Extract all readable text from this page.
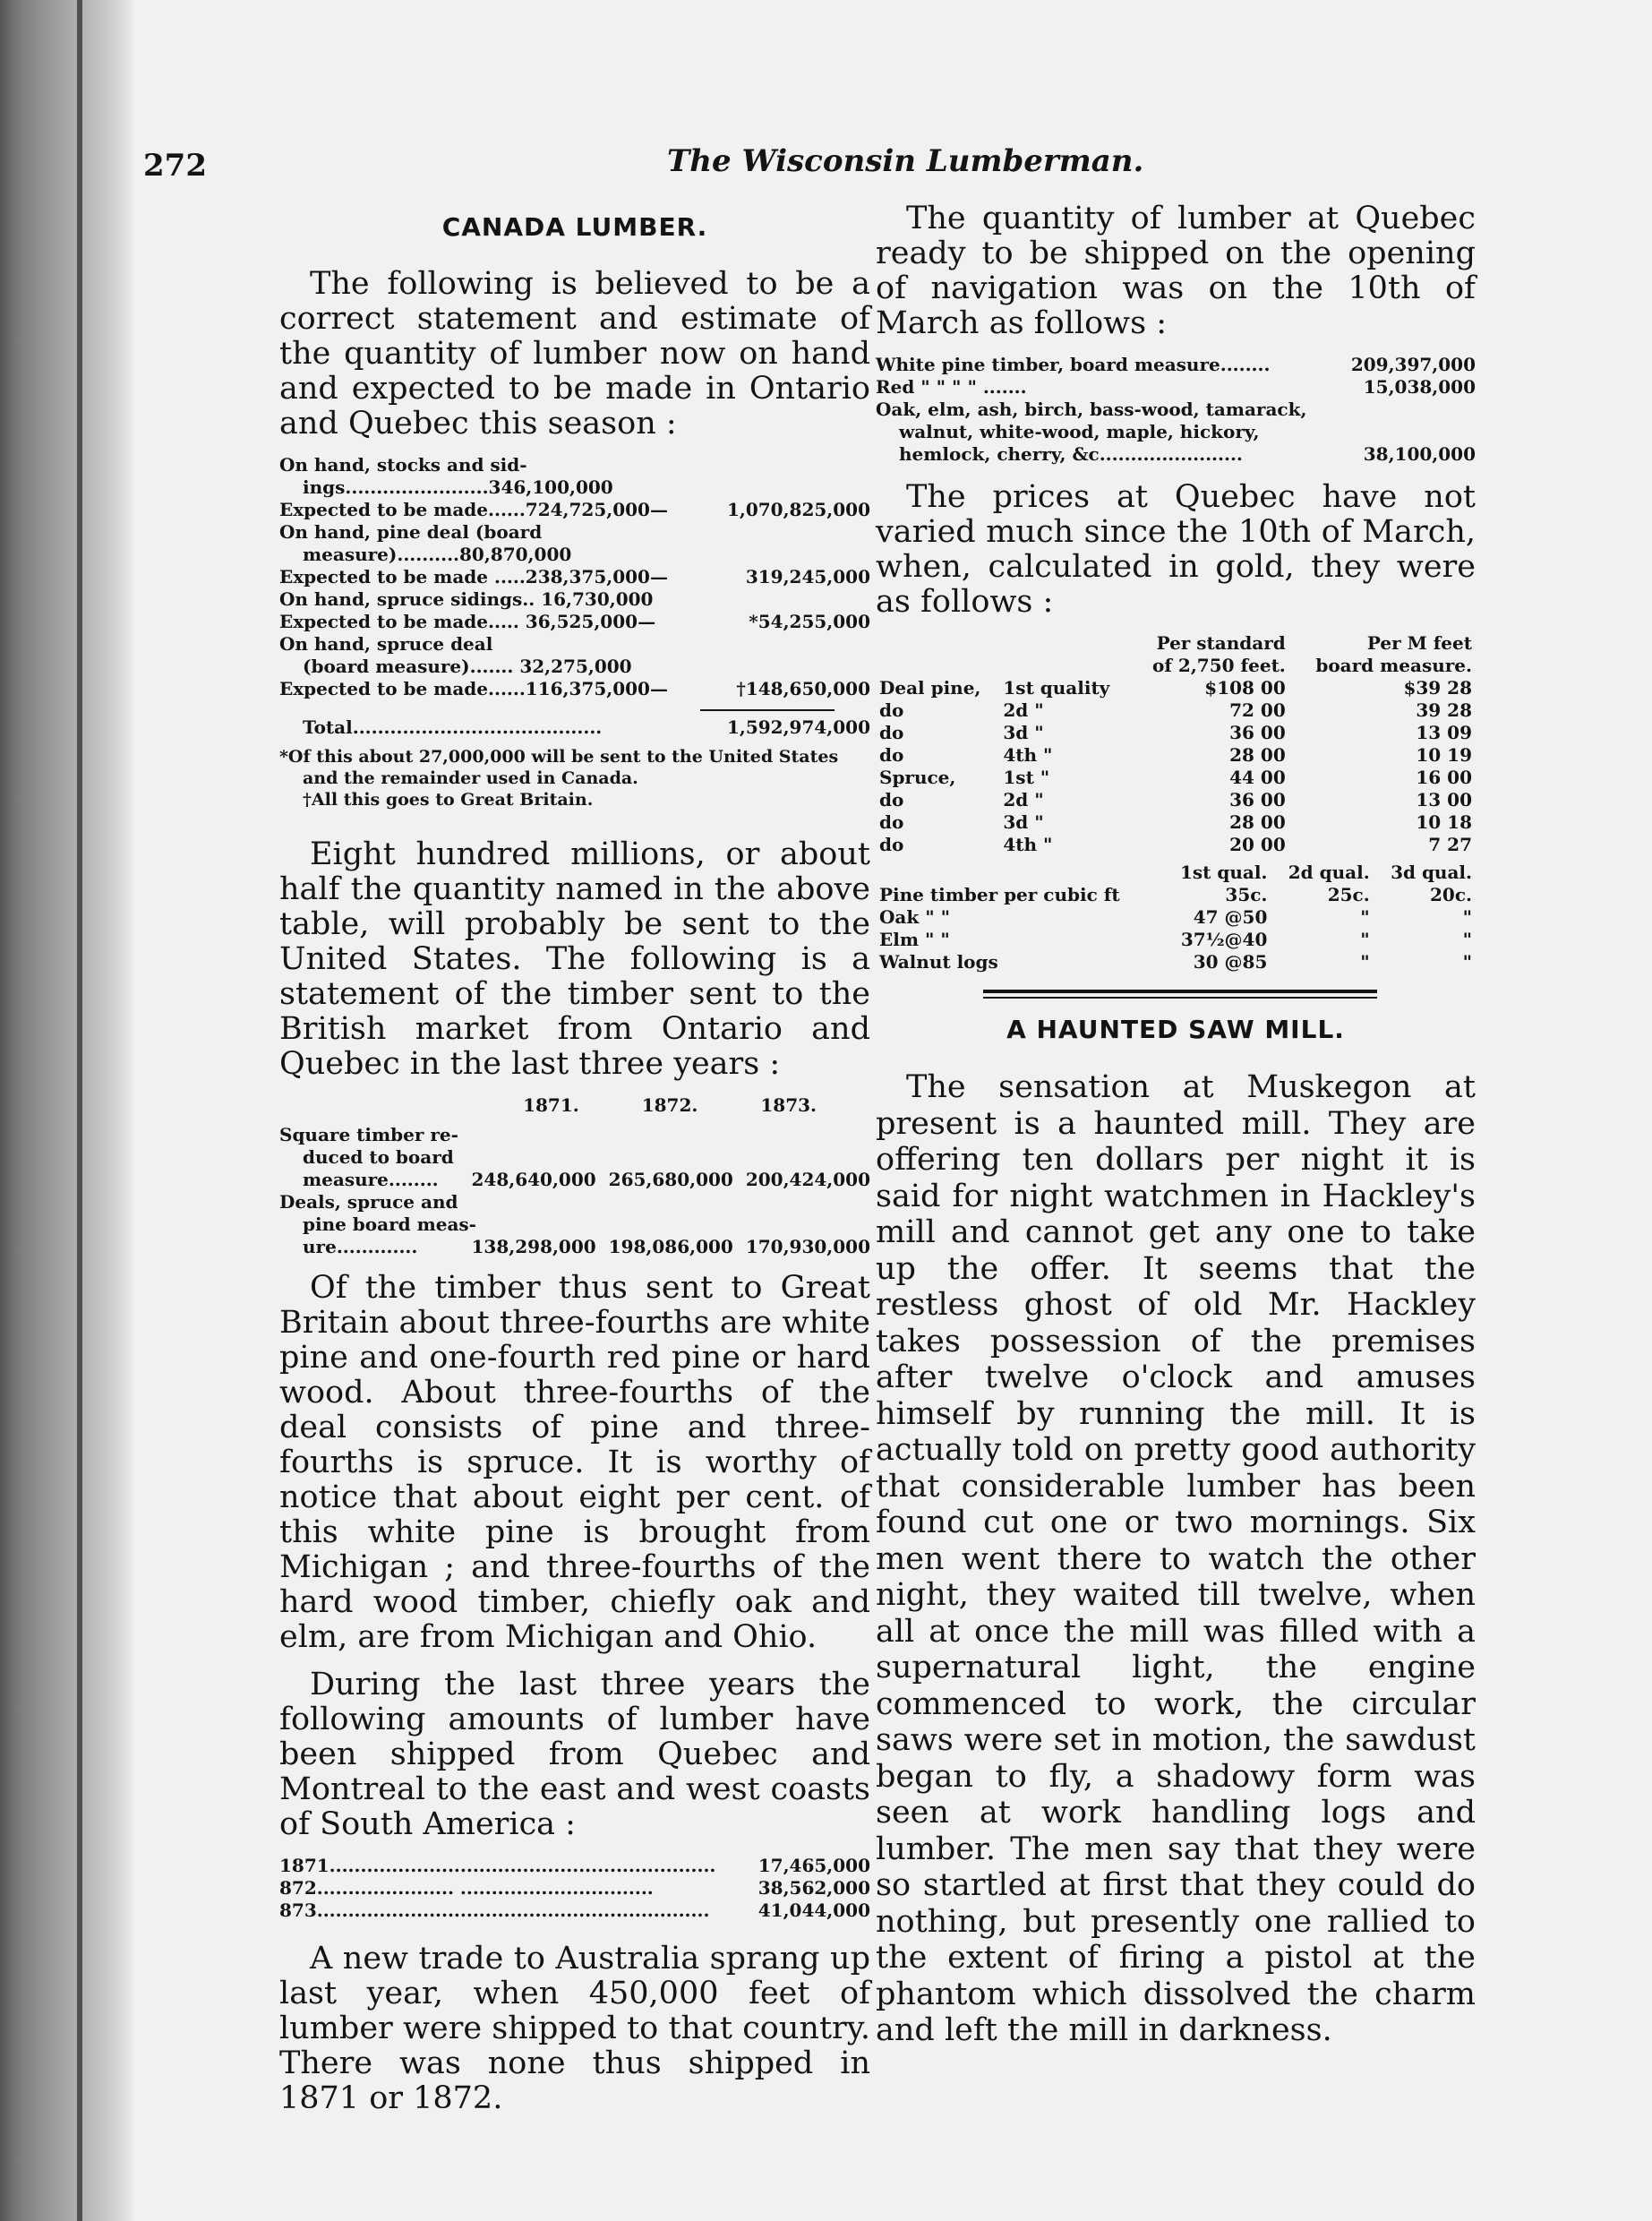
272	The Wisconsin Lumberman.
CANADA LUMBER.

The following is believed to be a correct statement and estimate of the quantity of lumber now on hand and expected to be made in Ontario and Quebec this season :

On hand, stocks and sid-
ings.......................346,100,000
Expected to be made......724,725,000—	1,070,825,000
On hand, pine deal (board
measure)..........80,870,000
Expected to be made .....238,375,000—	319,245,000
On hand, spruce sidings.. 16,730,000
Expected to be made..... 36,525,000—	*54,255,000
On hand, spruce deal
(board measure)....... 32,275,000
Expected to be made......116,375,000—	†148,650,000
Total........................................	1,592,974,000
*Of this about 27,000,000 will be sent to the United States and the remainder used in Canada.
†All this goes to Great Britain.

Eight hundred millions, or about half the quantity named in the above table, will probably be sent to the United States. The following is a statement of the timber sent to the British market from Ontario and Quebec in the last three years :

1871.	1872.	1873.
Square timber re-
duced to board
measure........ 248,640,000 265,680,000 200,424,000
Deals, spruce and
pine board meas-
ure.............	138,298,000 198,086,000 170,930,000

Of the timber thus sent to Great Britain about three-fourths are white pine and one-fourth red pine or hard wood. About three-fourths of the deal consists of pine and three-fourths is spruce. It is worthy of notice that about eight per cent. of this white pine is brought from Michigan ; and three-fourths of the hard wood timber, chiefly oak and elm, are from Michigan and Ohio.

During the last three years the following amounts of lumber have been shipped from Quebec and Montreal to the east and west coasts of South America :

1871.............................................................. 17,465,000
872...................... ...............................	38,562,000
873...............................................................	41,044,000

A new trade to Australia sprang up last year, when 450,000 feet of lumber were shipped to that country. There was none thus shipped in 1871 or 1872.

The quantity of lumber at Quebec ready to be shipped on the opening of navigation was on the 10th of March as follows :

White pine timber, board measure........	209,397,000
Red " " " " .......	15,038,000
Oak, elm, ash, birch, bass-wood, tamarack,
walnut, white-wood, maple, hickory,
hemlock, cherry, &c.......................	38,100,000

The prices at Quebec have not varied much since the 10th of March, when, calculated in gold, they were as follows :

		Per standard	Per M feet
		of 2,750 feet.	board measure.
Deal pine,	1st quality	$108 00	$39 28
do	2d "	72 00	39 28
do	3d "	36 00	13 09
do	4th "	28 00	10 19
Spruce,	1st "	44 00	16 00
do	2d "	36 00	13 00
do	3d "	28 00	10 18
do	4th "	20 00	7 27
	1st qual.	2d qual.	3d qual.
Pine timber per cubic ft	35c.	25c.	20c.
Oak " "	47 @50	"	"
Elm " "	37½@40	"	"
Walnut logs	30 @85	"	"
A HAUNTED SAW MILL.

The sensation at Muskegon at present is a haunted mill. They are offering ten dollars per night it is said for night watchmen in Hackley's mill and cannot get any one to take up the offer. It seems that the restless ghost of old Mr. Hackley takes possession of the premises after twelve o'clock and amuses himself by running the mill. It is actually told on pretty good authority that considerable lumber has been found cut one or two mornings. Six men went there to watch the other night, they waited till twelve, when all at once the mill was filled with a supernatural light, the engine commenced to work, the circular saws were set in motion, the sawdust began to fly, a shadowy form was seen at work handling logs and lumber. The men say that they were so startled at first that they could do nothing, but presently one rallied to the extent of firing a pistol at the phantom which dissolved the charm and left the mill in darkness.
